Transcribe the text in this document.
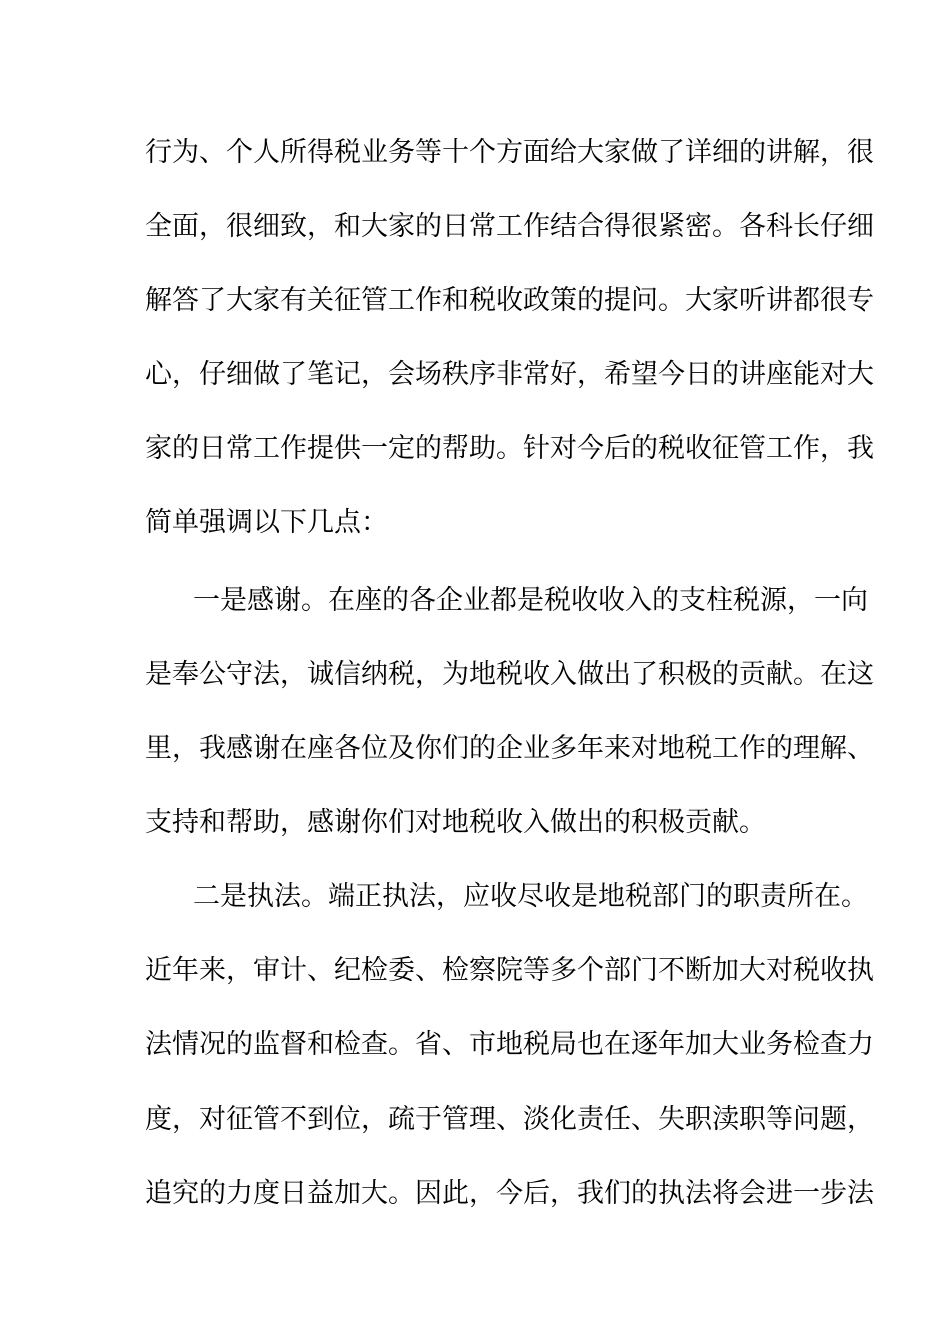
行为、个人所得税业务等十个方面给大家做了详细的讲解，很
全面，很细致，和大家的日常工作结合得很紧密。各科长仔细
解答了大家有关征管工作和税收政策的提问。大家听讲都很专
心，仔细做了笔记，会场秩序非常好，希望今日的讲座能对大
家的日常工作提供一定的帮助。针对今后的税收征管工作，我
简单强调以下几点：
一是感谢。在座的各企业都是税收收入的支柱税源，一向
是奉公守法，诚信纳税，为地税收入做出了积极的贡献。在这
里，我感谢在座各位及你们的企业多年来对地税工作的理解、
支持和帮助，感谢你们对地税收入做出的积极贡献。
二是执法。端正执法，应收尽收是地税部门的职责所在。
近年来，审计、纪检委、检察院等多个部门不断加大对税收执
法情况的监督和检查。省、市地税局也在逐年加大业务检查力
度，对征管不到位，疏于管理、淡化责任、失职渎职等问题，
追究的力度日益加大。因此，今后，我们的执法将会进一步法
